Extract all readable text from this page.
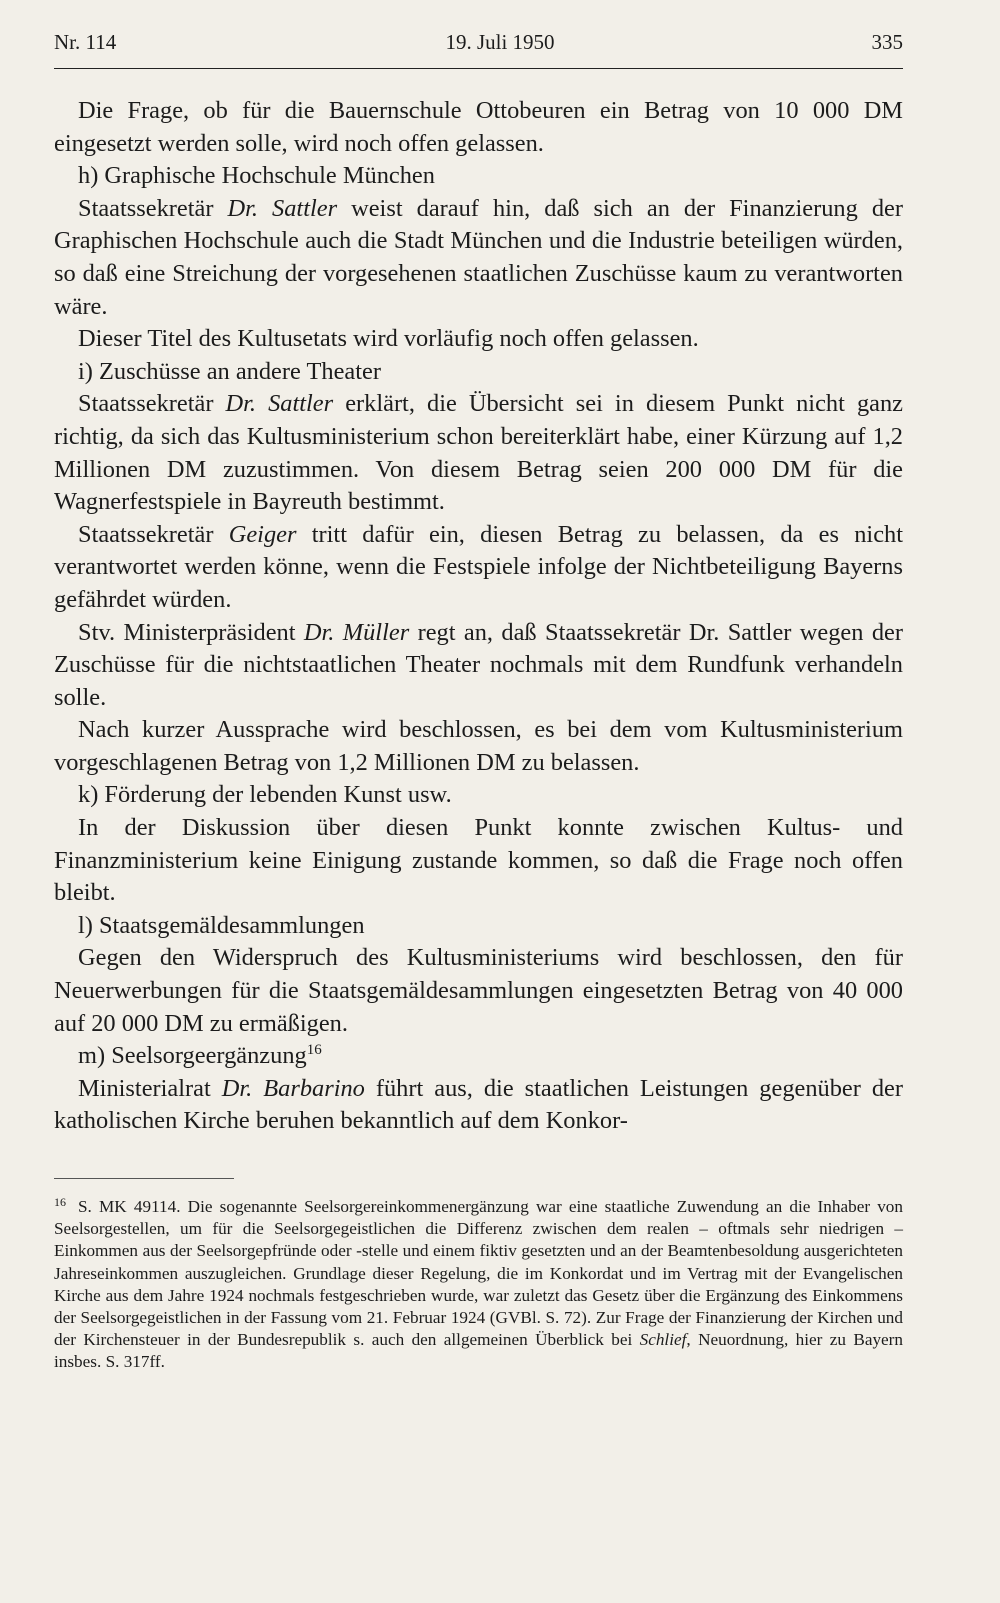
Nr. 114	19. Juli 1950	335

Die Frage, ob für die Bauernschule Ottobeuren ein Betrag von 10 000 DM eingesetzt werden solle, wird noch offen gelassen.

h) Graphische Hochschule München

Staatssekretär Dr. Sattler weist darauf hin, daß sich an der Finanzierung der Graphischen Hochschule auch die Stadt München und die Industrie beteiligen würden, so daß eine Streichung der vorgesehenen staatlichen Zuschüsse kaum zu verantworten wäre.

Dieser Titel des Kultusetats wird vorläufig noch offen gelassen.

i) Zuschüsse an andere Theater

Staatssekretär Dr. Sattler erklärt, die Übersicht sei in diesem Punkt nicht ganz richtig, da sich das Kultusministerium schon bereiterklärt habe, einer Kürzung auf 1,2 Millionen DM zuzustimmen. Von diesem Betrag seien 200 000 DM für die Wagnerfestspiele in Bayreuth bestimmt.

Staatssekretär Geiger tritt dafür ein, diesen Betrag zu belassen, da es nicht verantwortet werden könne, wenn die Festspiele infolge der Nichtbeteiligung Bayerns gefährdet würden.

Stv. Ministerpräsident Dr. Müller regt an, daß Staatssekretär Dr. Sattler wegen der Zuschüsse für die nichtstaatlichen Theater nochmals mit dem Rundfunk verhandeln solle.

Nach kurzer Aussprache wird beschlossen, es bei dem vom Kultusministerium vorgeschlagenen Betrag von 1,2 Millionen DM zu belassen.

k) Förderung der lebenden Kunst usw.

In der Diskussion über diesen Punkt konnte zwischen Kultus- und Finanzministerium keine Einigung zustande kommen, so daß die Frage noch offen bleibt.

l) Staatsgemäldesammlungen

Gegen den Widerspruch des Kultusministeriums wird beschlossen, den für Neuerwerbungen für die Staatsgemäldesammlungen eingesetzten Betrag von 40 000 auf 20 000 DM zu ermäßigen.

m) Seelsorgeergänzung$^{16}$

Ministerialrat Dr. Barbarino führt aus, die staatlichen Leistungen gegenüber der katholischen Kirche beruhen bekanntlich auf dem Konkor-

$^{16}$ S. MK 49114. Die sogenannte Seelsorgereinkommenergänzung war eine staatliche Zuwendung an die Inhaber von Seelsorgestellen, um für die Seelsorgegeistlichen die Differenz zwischen dem realen – oftmals sehr niedrigen – Einkommen aus der Seelsorgepfründe oder -stelle und einem fiktiv gesetzten und an der Beamtenbesoldung ausgerichteten Jahreseinkommen auszugleichen. Grundlage dieser Regelung, die im Konkordat und im Vertrag mit der Evangelischen Kirche aus dem Jahre 1924 nochmals festgeschrieben wurde, war zuletzt das Gesetz über die Ergänzung des Einkommens der Seelsorgegeistlichen in der Fassung vom 21. Februar 1924 (GVBl. S. 72). Zur Frage der Finanzierung der Kirchen und der Kirchensteuer in der Bundesrepublik s. auch den allgemeinen Überblick bei Schlief, Neuordnung, hier zu Bayern insbes. S. 317ff.
